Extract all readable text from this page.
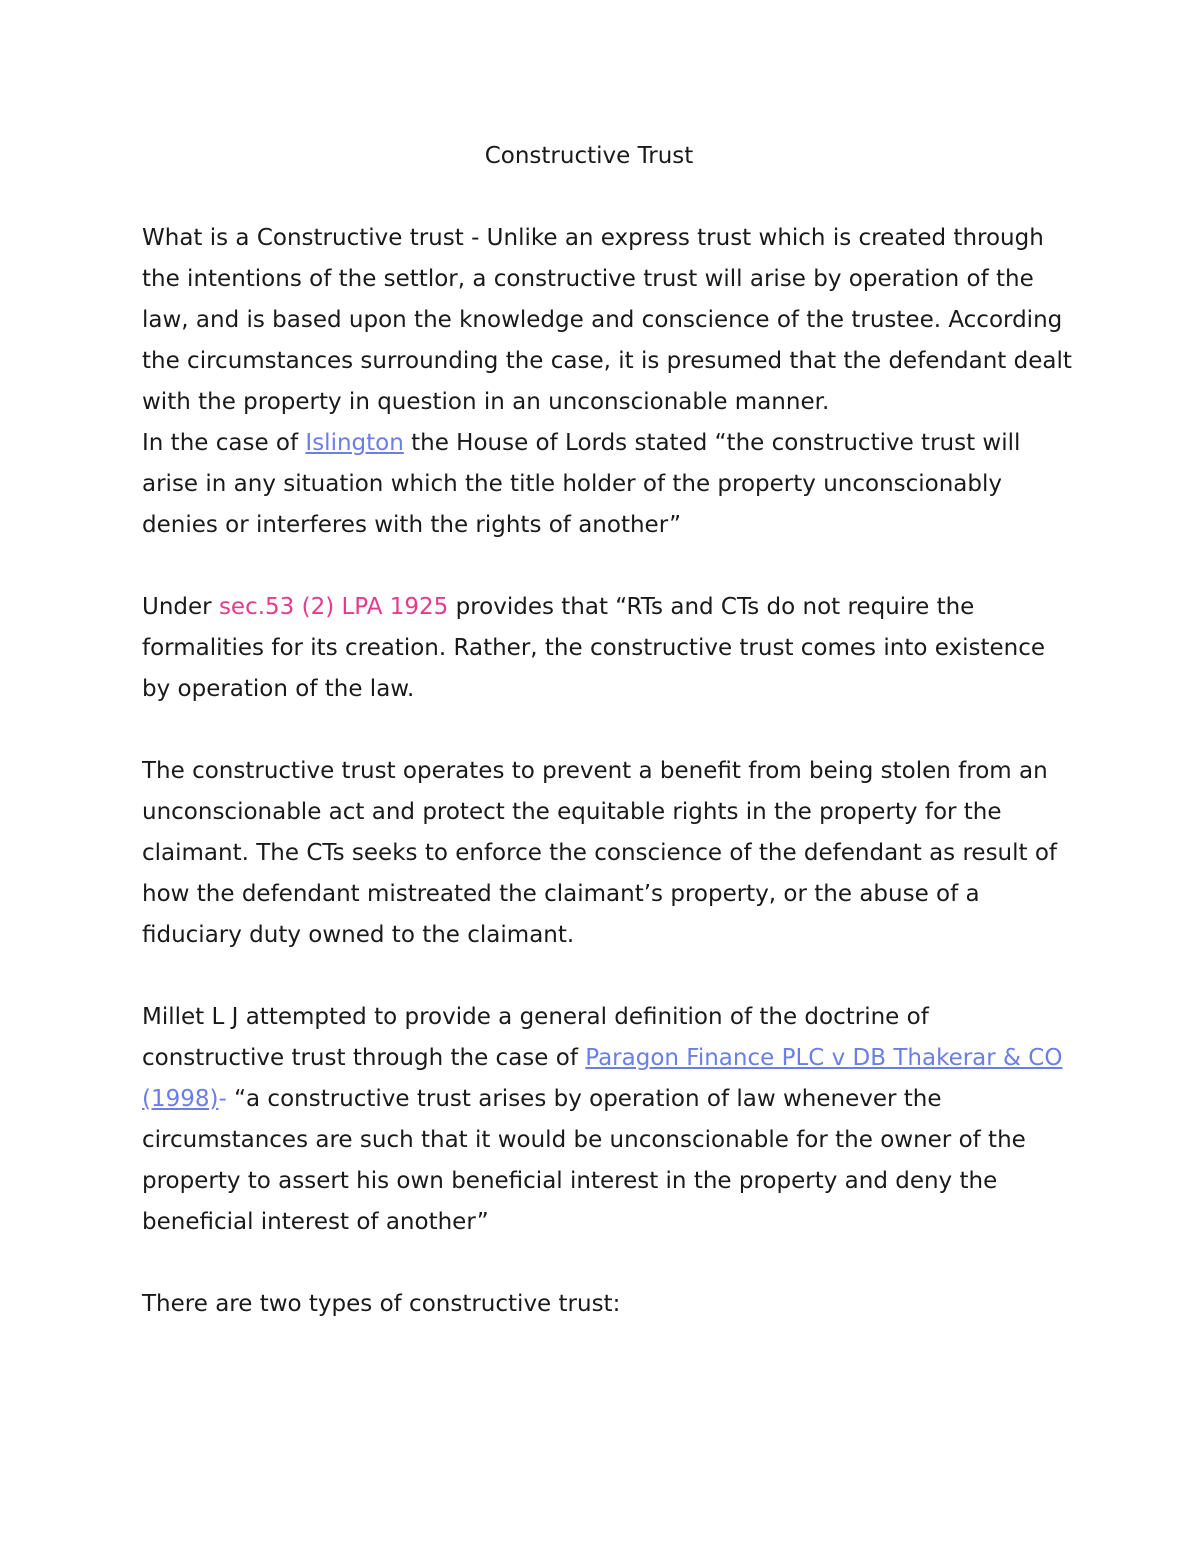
Constructive Trust

What is a Constructive trust - Unlike an express trust which is created through the intentions of the settlor, a constructive trust will arise by operation of the law, and is based upon the knowledge and conscience of the trustee. According the circumstances surrounding the case, it is presumed that the defendant dealt with the property in question in an unconscionable manner.

In the case of Islington the House of Lords stated “the constructive trust will arise in any situation which the title holder of the property unconscionably denies or interferes with the rights of another”

Under sec.53 (2) LPA 1925 provides that “RTs and CTs do not require the formalities for its creation. Rather, the constructive trust comes into existence by operation of the law.

The constructive trust operates to prevent a benefit from being stolen from an unconscionable act and protect the equitable rights in the property for the claimant. The CTs seeks to enforce the conscience of the defendant as result of how the defendant mistreated the claimant’s property, or the abuse of a fiduciary duty owned to the claimant.

Millet L J attempted to provide a general definition of the doctrine of constructive trust through the case of Paragon Finance PLC v DB Thakerar & CO (1998)- “a constructive trust arises by operation of law whenever the circumstances are such that it would be unconscionable for the owner of the property to assert his own beneficial interest in the property and deny the beneficial interest of another”

There are two types of constructive trust:
